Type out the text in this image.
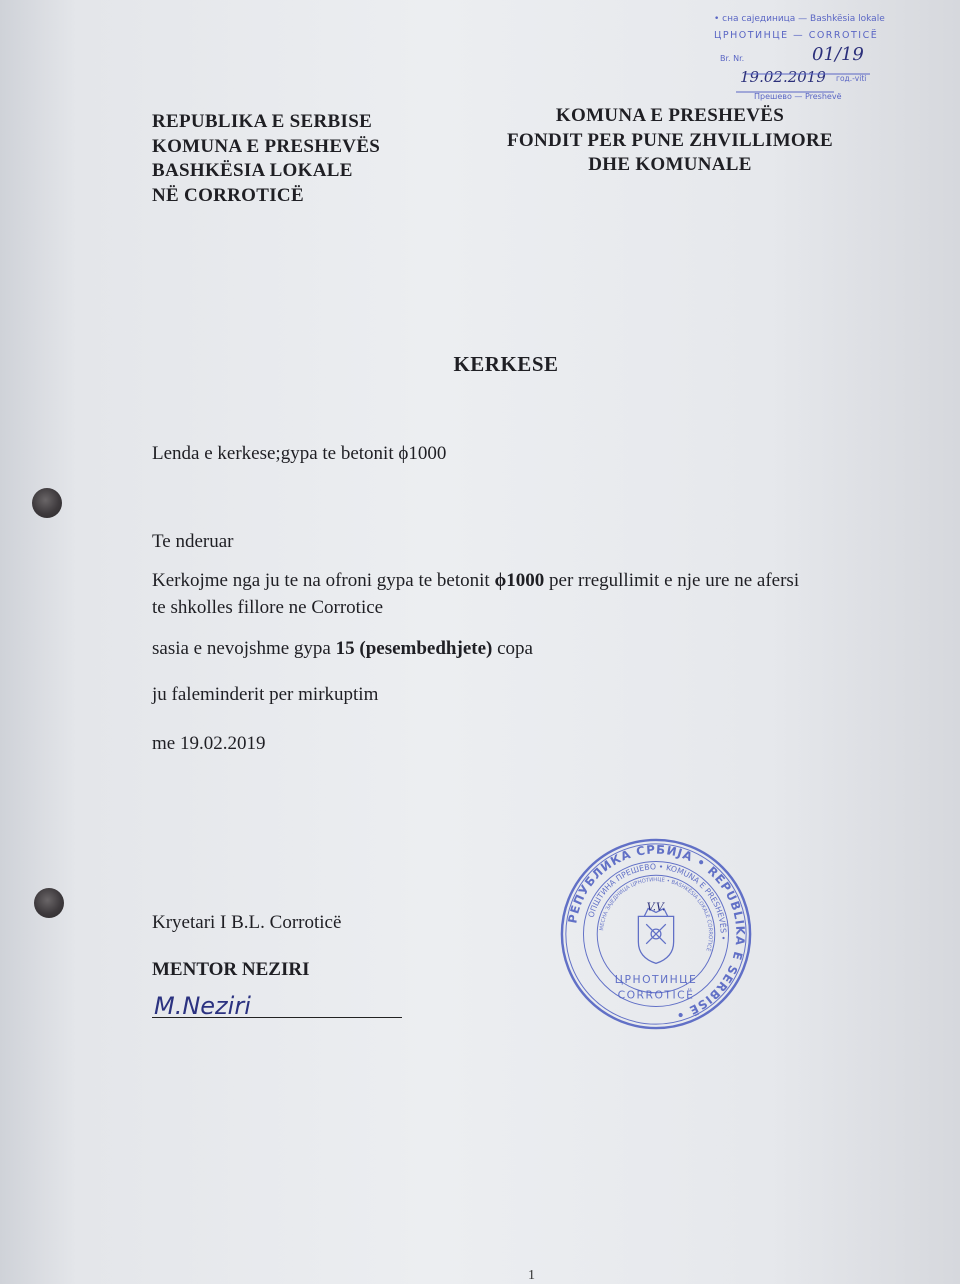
REPUBLIKA E SERBISE
KOMUNA E PRESHEVËS
BASHKËSIA LOKALE
NË CORROTICË
KOMUNA E PRESHEVËS
FONDIT PER PUNE ZHVILLIMORE
DHE KOMUNALE
• сна сајединица — Bashkësia lokale
ЦРНОТИНЦЕ — CORROTICË
Br. Nr.	01/19
19.02.2019 год.-viti
Прешево — Preshevë
KERKESE
Lenda e kerkese;gypa te betonit ϕ1000
Te nderuar
Kerkojme nga ju te na ofroni gypa te betonit ϕ1000 per rregullimit e nje ure ne afersi
te shkolles fillore ne Corrotice
sasia e nevojshme gypa 15 (pesembedhjete) copa
ju faleminderit per mirkuptim
me 19.02.2019
Kryetari I B.L. Corroticë
MENTOR NEZIRI
M.Neziri
РЕПУБЛИКА СРБИЈА • REPUBLIKA E SERBISË •
ОПШТИНА ПРЕШЕВО • KOMUNA E PRESHEVËS •
МЕСНА ЗАЈЕДНИЦА ЦРНОТИНЦЕ • BASHKËSIA LOKALE CORROTICË
V.V.
ЦРНОТИНЦЕ
CORROTICË
1
